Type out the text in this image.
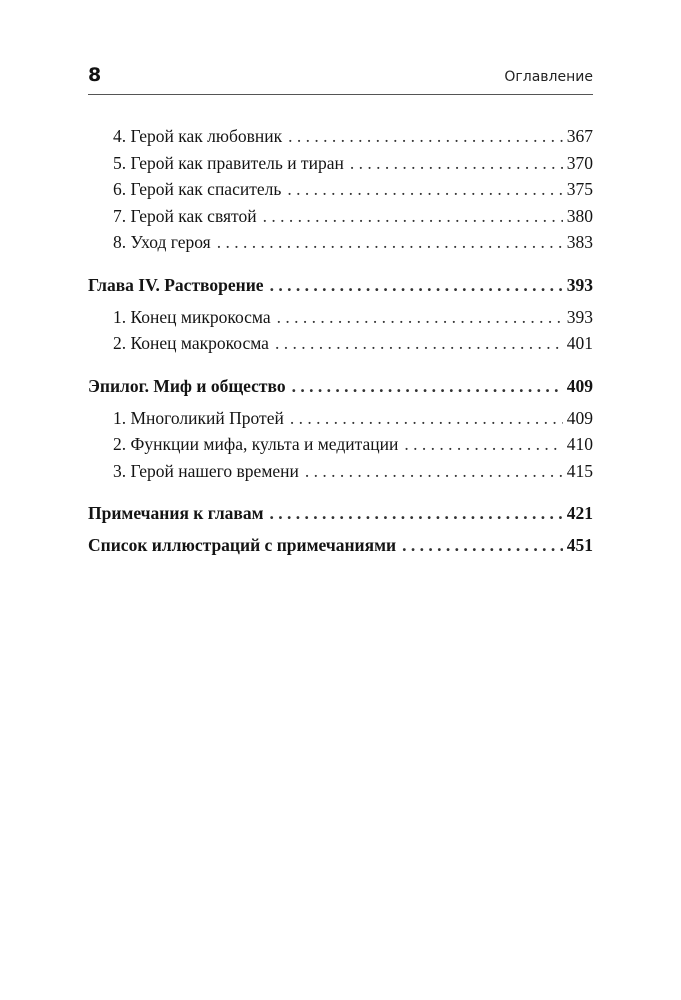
8	Оглавление
4. Герой как любовник . . .	367
5. Герой как правитель и тиран . . .	370
6. Герой как спаситель . . .	375
7. Герой как святой . . .	380
8. Уход героя . . .	383
Глава IV. Растворение . . .	393
1. Конец микрокосма . . .	393
2. Конец макрокосма . . .	401
Эпилог. Миф и общество . . .	409
1. Многоликий Протей . . .	409
2. Функции мифа, культа и медитации . . .	410
3. Герой нашего времени . . .	415
Примечания к главам . . .	421
Список иллюстраций с примечаниями . . .	451
